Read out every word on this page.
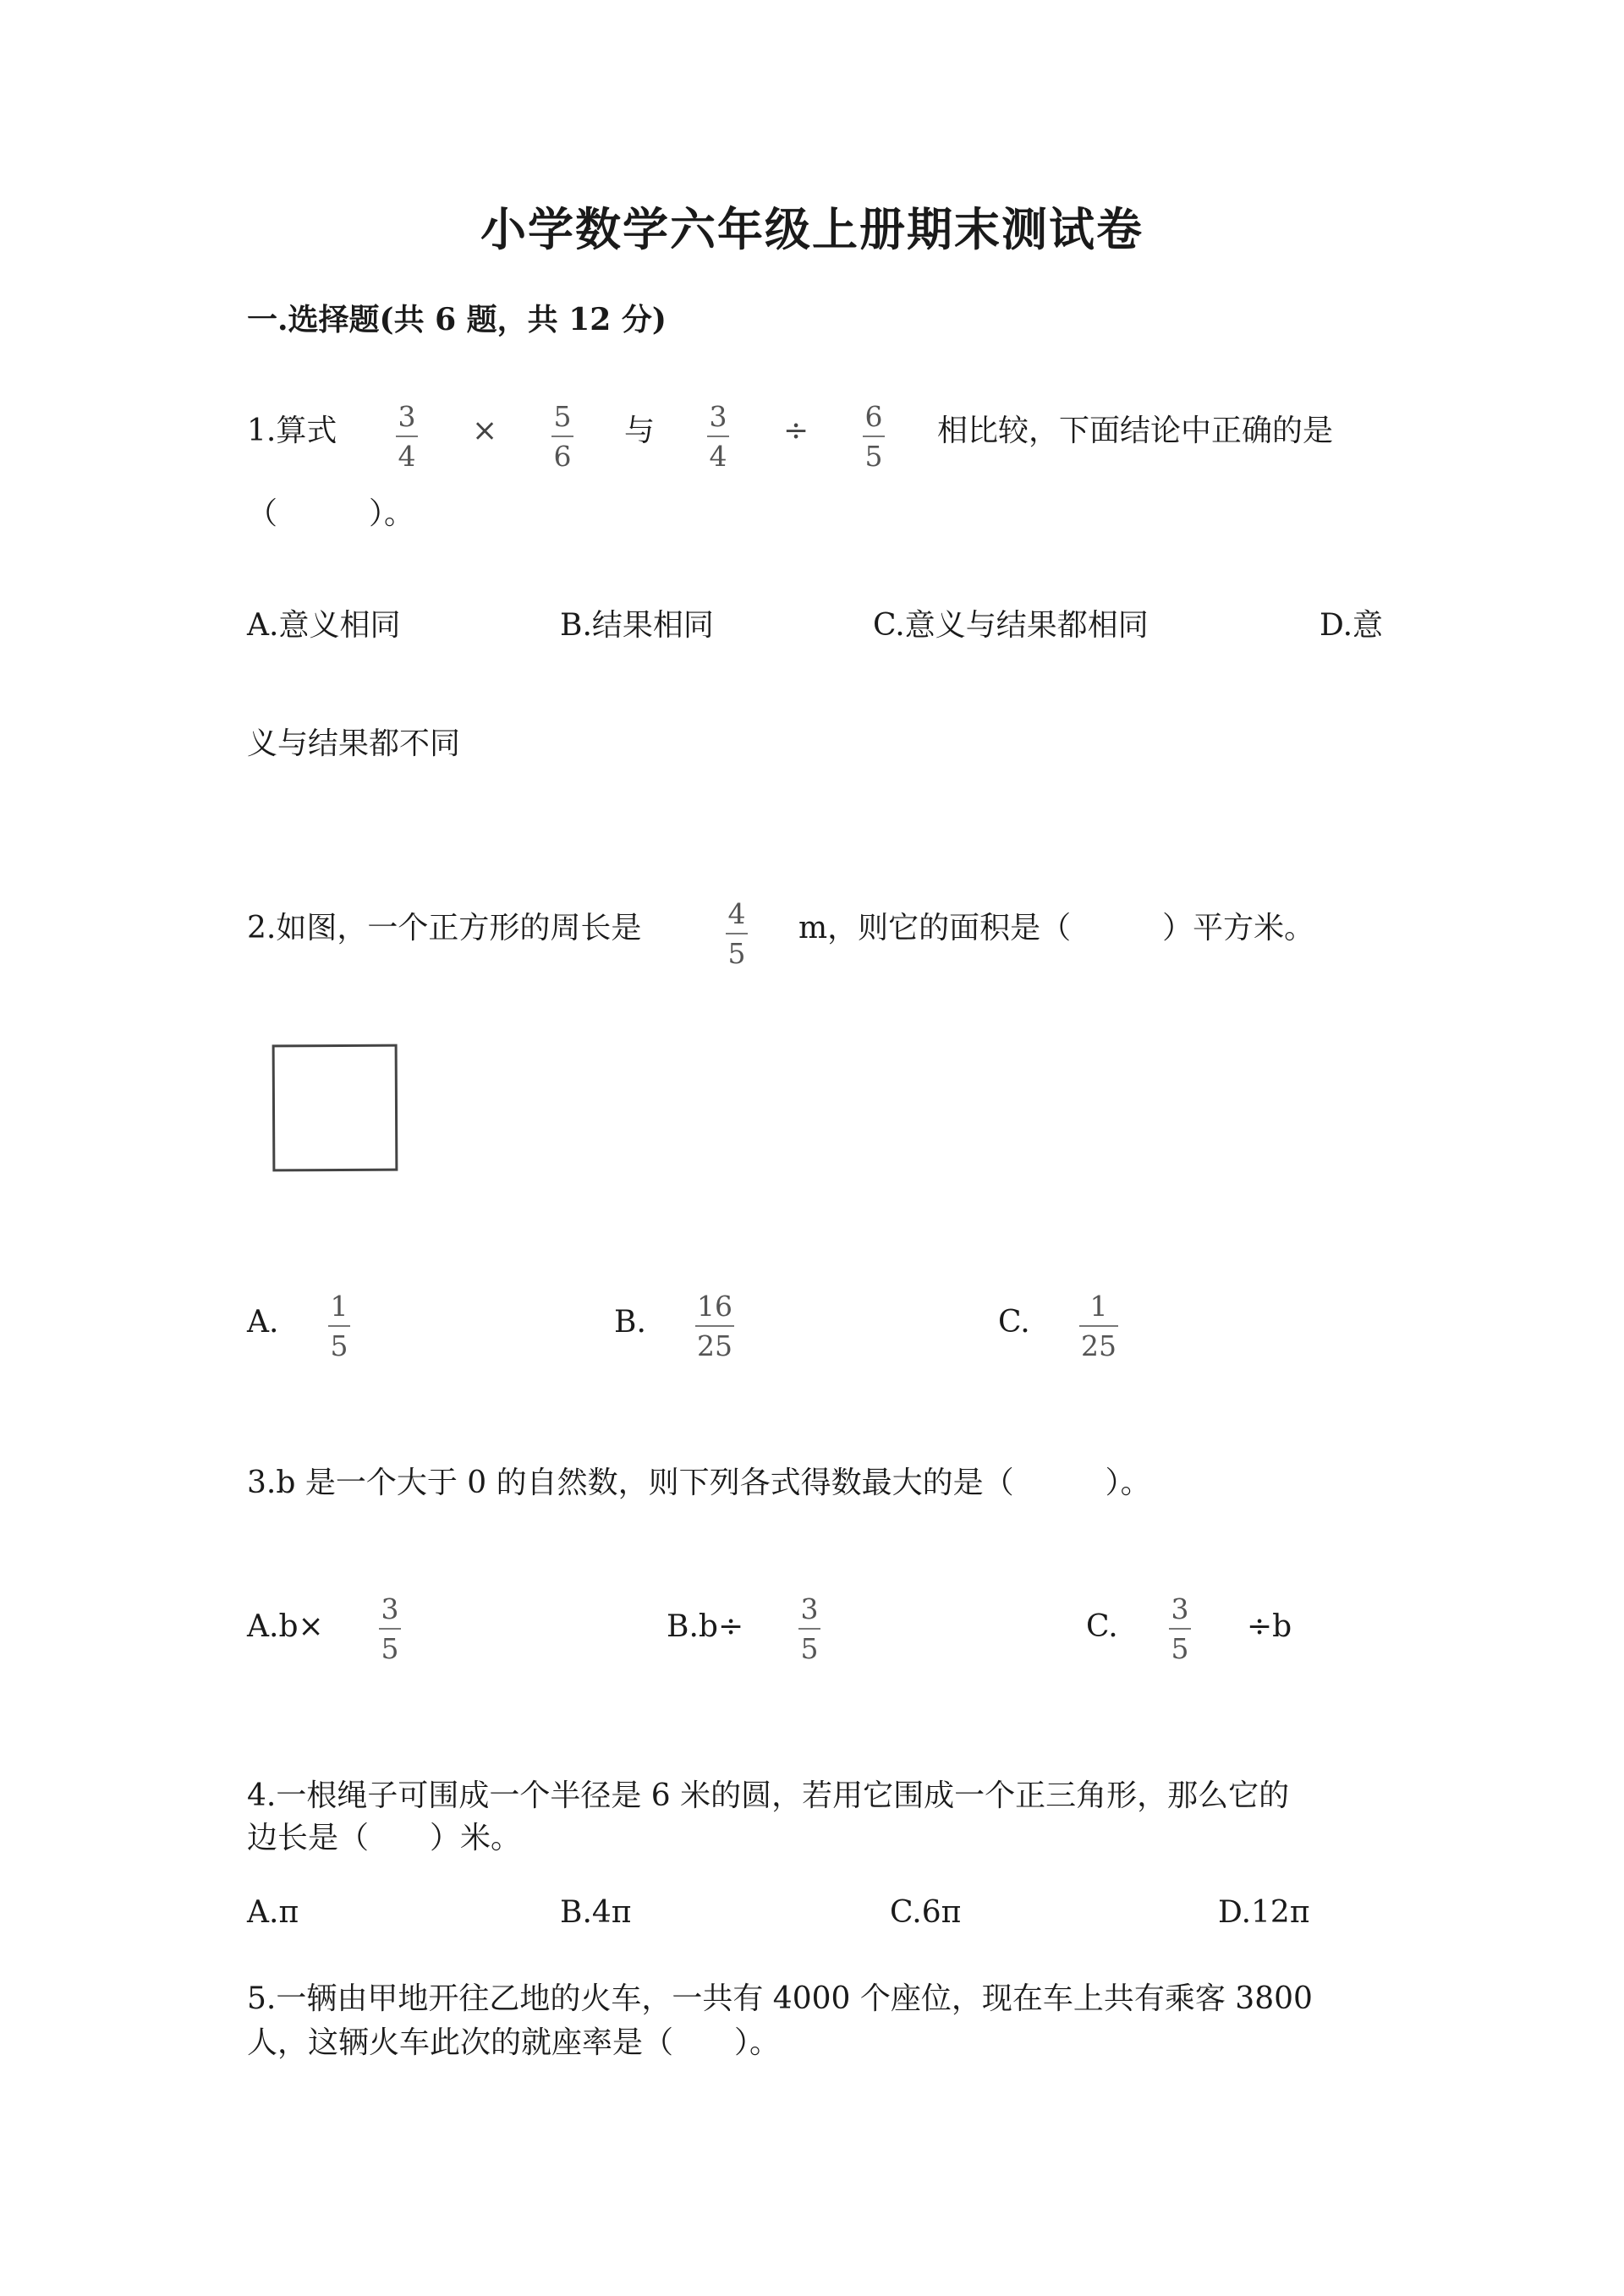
小学数学六年级上册期末测试卷
一.选择题(共 6 题，共 12 分)
1.算式 3
4
× 5
6
与 3
4
÷ 6
5
相比较，下面结论中正确的是
（　　　）。
A.意义相同	B.结果相同	C.意义与结果都相同	D.意
义与结果都不同
2.如图，一个正方形的周长是	4
5
m，则它的面积是（　　　）平方米。
A. 1
5
B. 16
25
C. 1
25
3.b 是一个大于 0 的自然数，则下列各式得数最大的是（　　　）。
A.b×
3
5
B.b÷
3
5
C.
3
5
÷b
4.一根绳子可围成一个半径是 6 米的圆，若用它围成一个正三角形，那么它的
边长是（　　）米。
A.π	B.4π	C.6π	D.12π
5.一辆由甲地开往乙地的火车，一共有 4000 个座位，现在车上共有乘客 3800
人，这辆火车此次的就座率是（　　）。
